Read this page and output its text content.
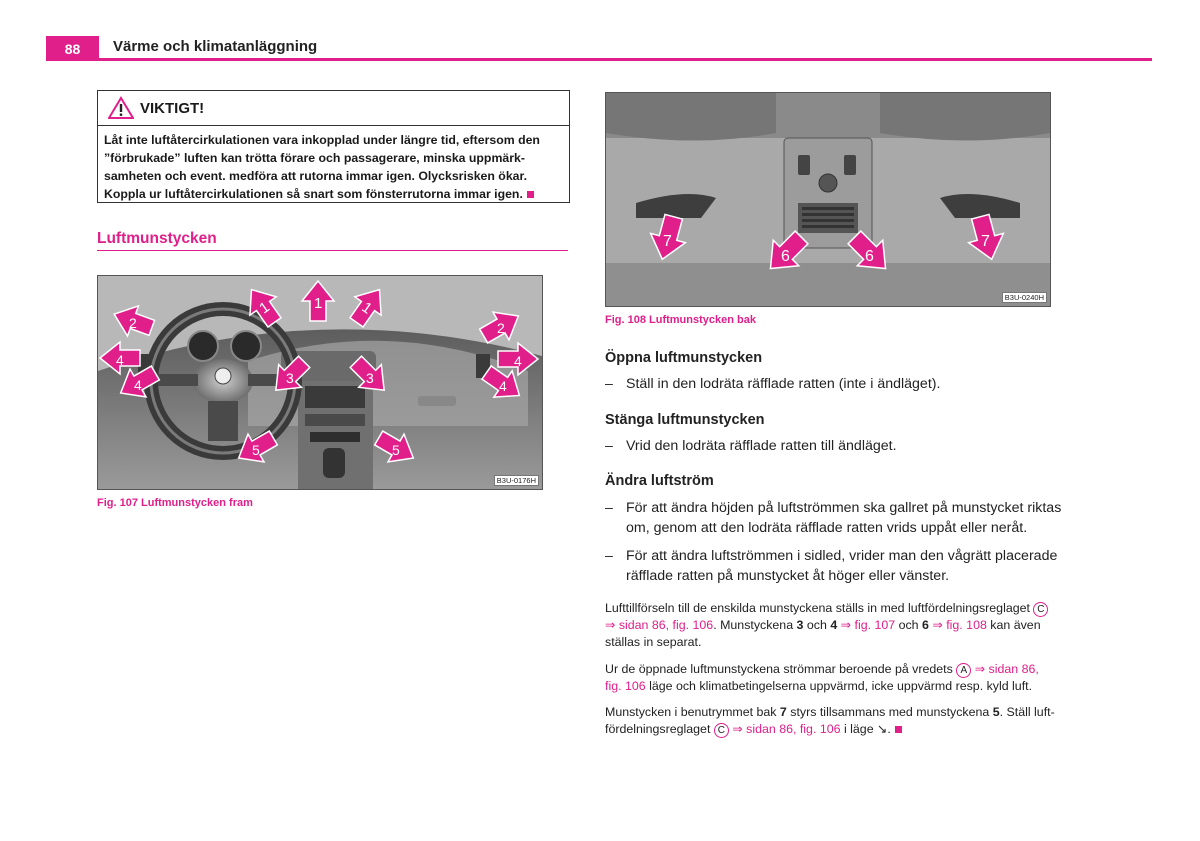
88	Värme och klimatanläggning
VIKTIGT!
Låt inte luftåtercirkulationen vara inkopplad under längre tid, eftersom den
”förbrukade” luften kan trötta förare och passagerare, minska uppmärk-
samheten och event. medföra att rutorna immar igen. Olycksrisken ökar.
Koppla ur luftåtercirkulationen så snart som fönsterrutorna immar igen.
Luftmunstycken
1	1 1
2	2
3	3
4
4
4
4
5	5
B3U-0176H
Fig. 107 Luftmunstycken fram
7
6	6
7
B3U-0240H
Fig. 108 Luftmunstycken bak
Öppna luftmunstycken
– Ställ in den lodräta räfflade ratten (inte i ändläget).
Stänga luftmunstycken
– Vrid den lodräta räfflade ratten till ändläget.
Ändra luftström
– För att ändra höjden på luftströmmen ska gallret på munstycket riktas
om, genom att den lodräta räfflade ratten vrids uppåt eller neråt.
– För att ändra luftströmmen i sidled, vrider man den vågrätt placerade
räfflade ratten på munstycket åt höger eller vänster.
Lufttillförseln till de enskilda munstyckena ställs in med luftfördelningsreglaget C
⇒ sidan 86, fig. 106. Munstyckena 3 och 4 ⇒ fig. 107 och 6 ⇒ fig. 108 kan även
ställas in separat.
Ur de öppnade luftmunstyckena strömmar beroende på vredets A ⇒ sidan 86,
fig. 106 läge och klimatbetingelserna uppvärmd, icke uppvärmd resp. kyld luft.
Munstycken i benutrymmet bak 7 styrs tillsammans med munstyckena 5. Ställ luft-
fördelningsreglaget C ⇒ sidan 86, fig. 106 i läge ↘.
